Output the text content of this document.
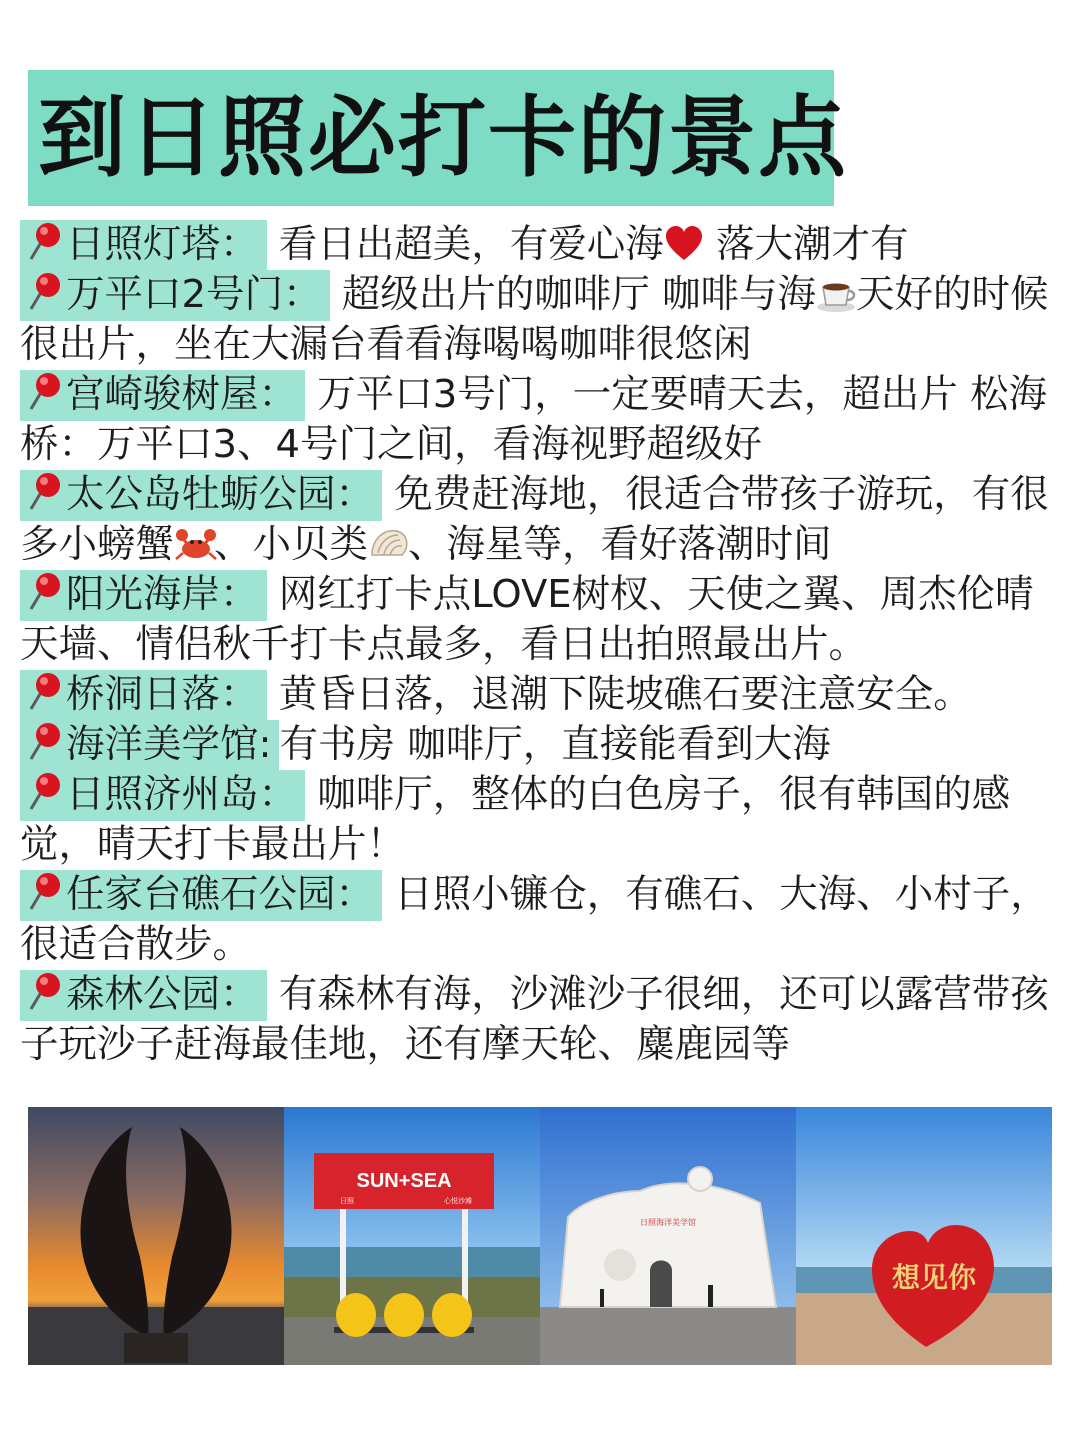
到日照必打卡的景点

日照灯塔： 看日出超美，有爱心海 落大潮才有

万平口2号门： 超级出片的咖啡厅 咖啡与海 天好的时候很出片，坐在大漏台看看海喝喝咖啡很悠闲

宫崎骏树屋： 万平口3号门，一定要晴天去，超出片 松海桥：万平口3、4号门之间，看海视野超级好

太公岛牡蛎公园： 免费赶海地，很适合带孩子游玩，有很多小螃蟹 、小贝类 、海星等，看好落潮时间

阳光海岸： 网红打卡点LOVE树杈、天使之翼、周杰伦晴天墙、情侣秋千打卡点最多，看日出拍照最出片。

桥洞日落： 黄昏日落，退潮下陡坡礁石要注意安全。

海洋美学馆: 有书房 咖啡厅，直接能看到大海

日照济州岛： 咖啡厅，整体的白色房子，很有韩国的感觉，晴天打卡最出片！

任家台礁石公园： 日照小镰仓，有礁石、大海、小村子，很适合散步。

森林公园： 有森林有海，沙滩沙子很细，还可以露营带孩子玩沙子赶海最佳地，还有摩天轮、麋鹿园等

SUN+SEA
日照	心悦沙滩
日照海洋美学馆
想见你
